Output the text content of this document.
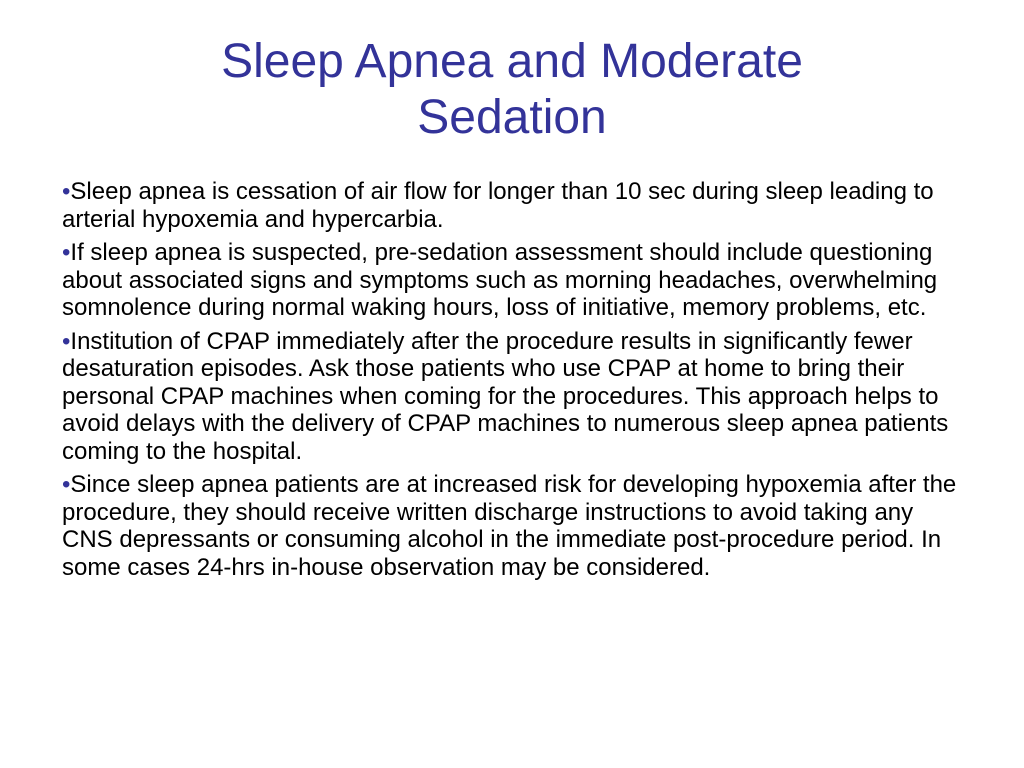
Sleep Apnea and Moderate
Sedation
•Sleep apnea is cessation of air flow for longer than 10 sec during sleep leading to arterial hypoxemia and hypercarbia.
•If sleep apnea is suspected, pre-sedation assessment should include questioning about associated signs and symptoms such as morning headaches, overwhelming somnolence during normal waking hours, loss of initiative, memory problems, etc.
•Institution of CPAP immediately after the procedure results in significantly fewer desaturation episodes. Ask those patients who use CPAP at home to bring their personal CPAP machines when coming for the procedures. This approach helps to avoid delays with the delivery of CPAP machines to numerous sleep apnea patients coming to the hospital.
•Since sleep apnea patients are at increased risk for developing hypoxemia after the procedure, they should receive written discharge instructions to avoid taking any CNS depressants or consuming alcohol in the immediate post-procedure period. In some cases 24-hrs in-house observation may be considered.
